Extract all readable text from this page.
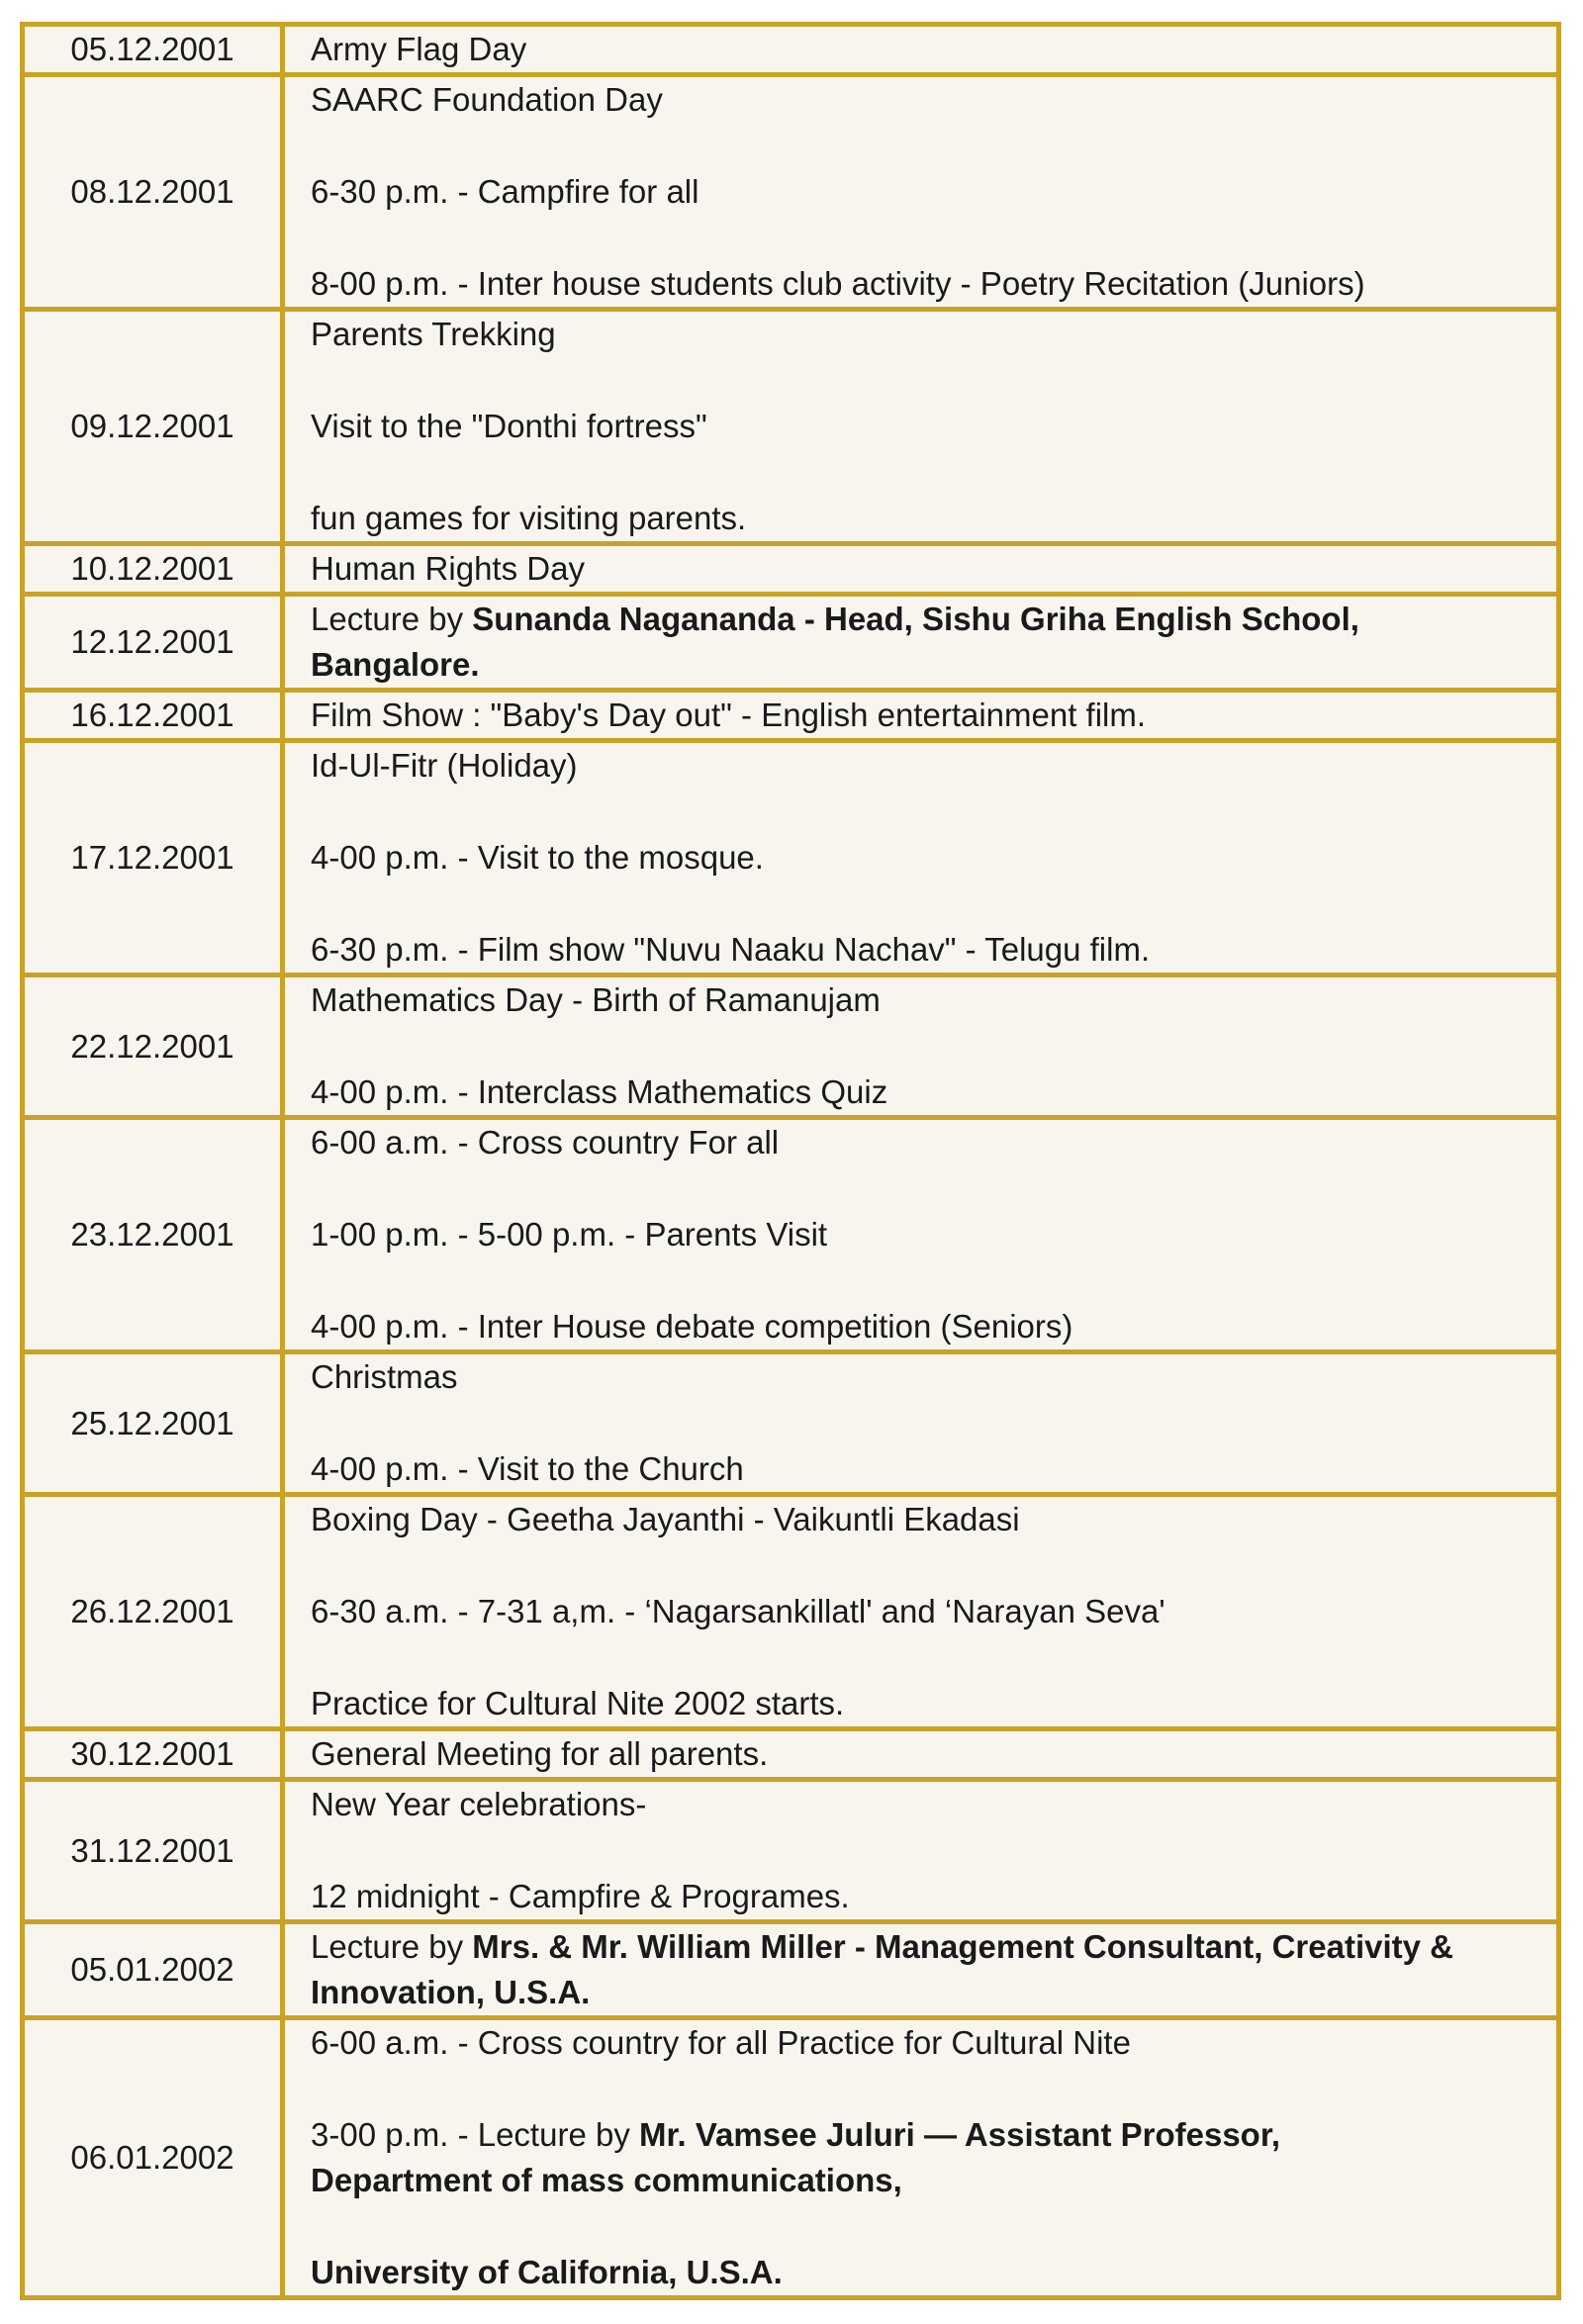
05.12.2001	Army Flag Day

08.12.2001	SAARC Foundation Day
6-30 p.m. - Campfire for all
8-00 p.m. - Inter house students club activity - Poetry Recitation (Juniors)

09.12.2001	Parents Trekking
Visit to the "Donthi fortress"
fun games for visiting parents.

10.12.2001	Human Rights Day

12.12.2001	Lecture by Sunanda Naganand​a - Head, Sishu Griha English School,
Bangalore.

16.12.2001	Film Show : "Baby's Day out" - English entertainment film.

17.12.2001	Id-Ul-Fitr (Holiday)
4-00 p.m. - Visit to the mosque.
6-30 p.m. - Film show "Nuvu Naaku Nachav" - Telugu film.

22.12.2001	Mathematics Day - Birth of Ramanujam
4-00 p.m. - Interclass Mathematics Quiz

23.12.2001	6-00 a.m. - Cross country For all
1-00 p.m. - 5-00 p.m. - Parents Visit
4-00 p.m. - Inter House debate competition (Seniors)

25.12.2001	Christmas
4-00 p.m. - Visit to the Church

26.12.2001	Boxing Day - Geetha Jayanthi - Vaikuntli Ekadasi
6-30 a.m. - 7-31 a,m. - ‘Nagarsankillatl' and ‘Narayan Seva'
Practice for Cultural Nite 2002 starts.

30.12.2001	General Meeting for all parents.

31.12.2001	New Year celebrations-
12 midnight - Campfire & Programes.

05.01.2002	Lecture by Mrs. & Mr. William Miller - Management Consultant, Creativity &
Innovation, U.S.A.

06.01.2002	6-00 a.m. - Cross country for all Practice for Cultural Nite
3-00 p.m. - Lecture by Mr. Vamsee Juluri — Assistant Professor,
Department of mass communications,
University of California, U.S.A.
